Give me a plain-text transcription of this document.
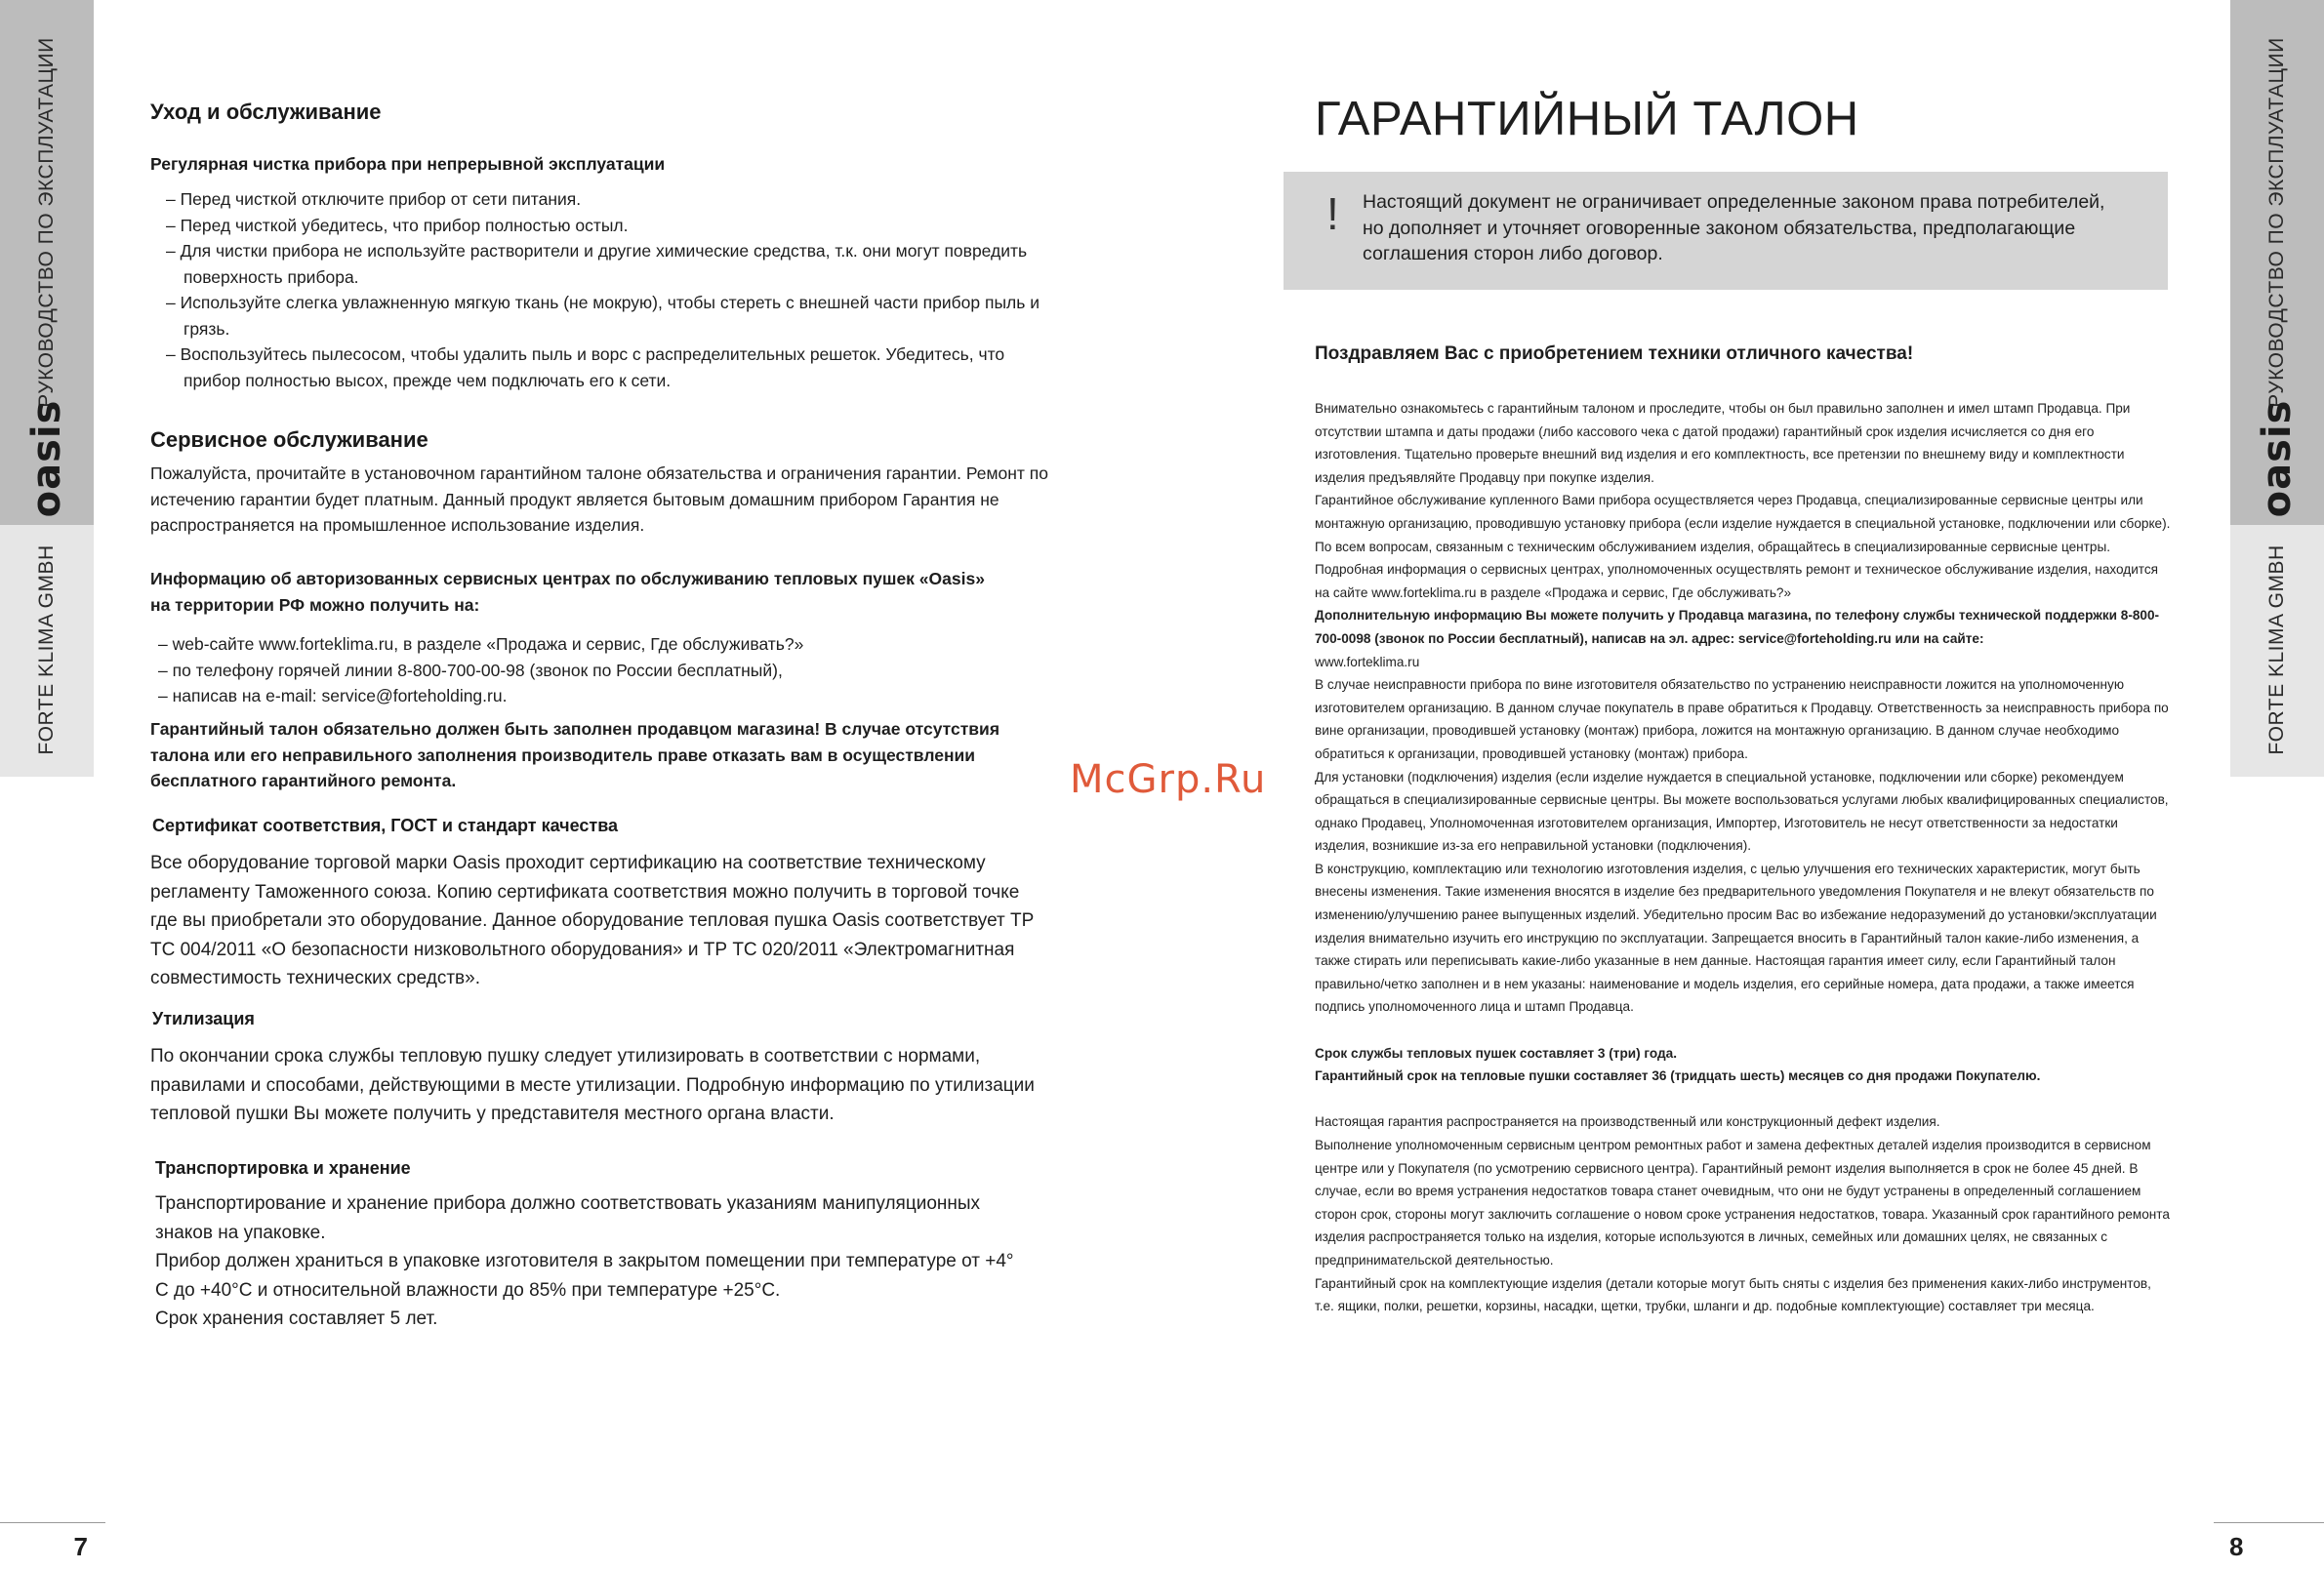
РУКОВОДСТВО ПО ЭКСПЛУАТАЦИИ
oasis
FORTE KLIMA GMBH
РУКОВОДСТВО ПО ЭКСПЛУАТАЦИИ
oasis
FORTE KLIMA GMBH
7	8
Уход и обслуживание
Регулярная чистка прибора при непрерывной эксплуатации
– Перед чисткой отключите прибор от сети питания.
– Перед чисткой убедитесь, что прибор полностью остыл.
– Для чистки прибора не используйте растворители и другие химические средства, т.к. они могут повредить поверхность прибора.
– Используйте слегка увлажненную мягкую ткань (не мокрую), чтобы стереть с внешней части прибор пыль и грязь.
– Воспользуйтесь пылесосом, чтобы удалить пыль и ворс с распределительных решеток. Убедитесь, что прибор полностью высох, прежде чем подключать его к сети.
Сервисное обслуживание
Пожалуйста, прочитайте в установочном гарантийном талоне обязательства и ограничения гарантии. Ремонт по истечению гарантии будет платным. Данный продукт является бытовым домашним прибором Гарантия не распространяется на промышленное использование изделия.
Информацию об авторизованных сервисных центрах по обслуживанию тепловых пушек «Oasis» на территории РФ можно получить на:
– web-сайте www.forteklima.ru, в разделе «Продажа и сервис, Где обслуживать?»
– по телефону горячей линии 8-800-700-00-98 (звонок по России бесплатный),
– написав на e-mail: service@forteholding.ru.
Гарантийный талон обязательно должен быть заполнен продавцом магазина! В случае отсутствия талона или его неправильного заполнения производитель праве отказать вам в осуществлении бесплатного гарантийного ремонта.
Сертификат соответствия, ГОСТ и стандарт качества
Все оборудование торговой марки Oasis проходит сертификацию на соответствие техническому регламенту Таможенного союза. Копию сертификата соответствия можно получить в торговой точке где вы приобретали это оборудование. Данное оборудование тепловая пушка Oasis соответствует ТР ТС 004/2011 «О безопасности низковольтного оборудования» и ТР ТС 020/2011 «Электромагнитная совместимость технических средств».
Утилизация
По окончании срока службы тепловую пушку следует утилизировать в соответствии с нормами, правилами и способами, действующими в месте утилизации. Подробную информацию по утилизации тепловой пушки Вы можете получить у представителя местного органа власти.
Транспортировка и хранение
Транспортирование и хранение прибора должно соответствовать указаниям манипуляционных
знаков на упаковке.
Прибор должен храниться в упаковке изготовителя в закрытом помещении при температуре от +4°
С до +40°С и относительной влажности до 85% при температуре +25°С.
Срок хранения составляет 5 лет.
McGrp.Ru
ГАРАНТИЙНЫЙ ТАЛОН
! Настоящий документ не ограничивает определенные законом права потребителей, но дополняет и уточняет оговоренные законом обязательства, предполагающие соглашения сторон либо договор.
Поздравляем Вас с приобретением техники отличного качества!
Внимательно ознакомьтесь с гарантийным талоном и проследите, чтобы он был правильно заполнен и имел штамп Продавца. При отсутствии штампа и даты продажи (либо кассового чека с датой продажи) гарантийный срок изделия исчисляется со дня его изготовления. Тщательно проверьте внешний вид изделия и его комплектность, все претензии по внешнему виду и комплектности изделия предъявляйте Продавцу при покупке изделия.
Гарантийное обслуживание купленного Вами прибора осуществляется через Продавца, специализированные сервисные центры или монтажную организацию, проводившую установку прибора (если изделие нуждается в специальной установке, подключении или сборке).
По всем вопросам, связанным с техническим обслуживанием изделия, обращайтесь в специализированные сервисные центры. Подробная информация о сервисных центрах, уполномоченных осуществлять ремонт и техническое обслуживание изделия, находится на сайте www.forteklima.ru в разделе «Продажа и сервис, Где обслуживать?»
Дополнительную информацию Вы можете получить у Продавца магазина, по телефону службы технической поддержки 8-800-700-0098 (звонок по России бесплатный), написав на эл. адрес: service@forteholding.ru или на сайте:
www.forteklima.ru
В случае неисправности прибора по вине изготовителя обязательство по устранению неисправности ложится на уполномоченную изготовителем организацию. В данном случае покупатель в праве обратиться к Продавцу. Ответственность за неисправность прибора по вине организации, проводившей установку (монтаж) прибора, ложится на монтажную организацию. В данном случае необходимо обратиться к организации, проводившей установку (монтаж) прибора.
Для установки (подключения) изделия (если изделие нуждается в специальной установке, подключении или сборке) рекомендуем обращаться в специализированные сервисные центры. Вы можете воспользоваться услугами любых квалифицированных специалистов, однако Продавец, Уполномоченная изготовителем организация, Импортер, Изготовитель не несут ответственности за недостатки изделия, возникшие из-за его неправильной установки (подключения).
В конструкцию, комплектацию или технологию изготовления изделия, с целью улучшения его технических характеристик, могут быть внесены изменения. Такие изменения вносятся в изделие без предварительного уведомления Покупателя и не влекут обязательств по изменению/улучшению ранее выпущенных изделий. Убедительно просим Вас во избежание недоразумений до установки/эксплуатации изделия внимательно изучить его инструкцию по эксплуатации. Запрещается вносить в Гарантийный талон какие-либо изменения, а также стирать или переписывать какие-либо указанные в нем данные. Настоящая гарантия имеет силу, если Гарантийный талон правильно/четко заполнен и в нем указаны: наименование и модель изделия, его серийные номера, дата продажи, а также имеется подпись уполномоченного лица и штамп Продавца.
Срок службы тепловых пушек составляет 3 (три) года.
Гарантийный срок на тепловые пушки составляет 36 (тридцать шесть) месяцев со дня продажи Покупателю.
Настоящая гарантия распространяется на производственный или конструкционный дефект изделия.
Выполнение уполномоченным сервисным центром ремонтных работ и замена дефектных деталей изделия производится в сервисном центре или у Покупателя (по усмотрению сервисного центра). Гарантийный ремонт изделия выполняется в срок не более 45 дней. В случае, если во время устранения недостатков товара станет очевидным, что они не будут устранены в определенный соглашением сторон срок, стороны могут заключить соглашение о новом сроке устранения недостатков, товара. Указанный срок гарантийного ремонта изделия распространяется только на изделия, которые используются в личных, семейных или домашних целях, не связанных с предпринимательской деятельностью.
Гарантийный срок на комплектующие изделия (детали которые могут быть сняты с изделия без применения каких-либо инструментов, т.е. ящики, полки, решетки, корзины, насадки, щетки, трубки, шланги и др. подобные комплектующие) составляет три месяца.
